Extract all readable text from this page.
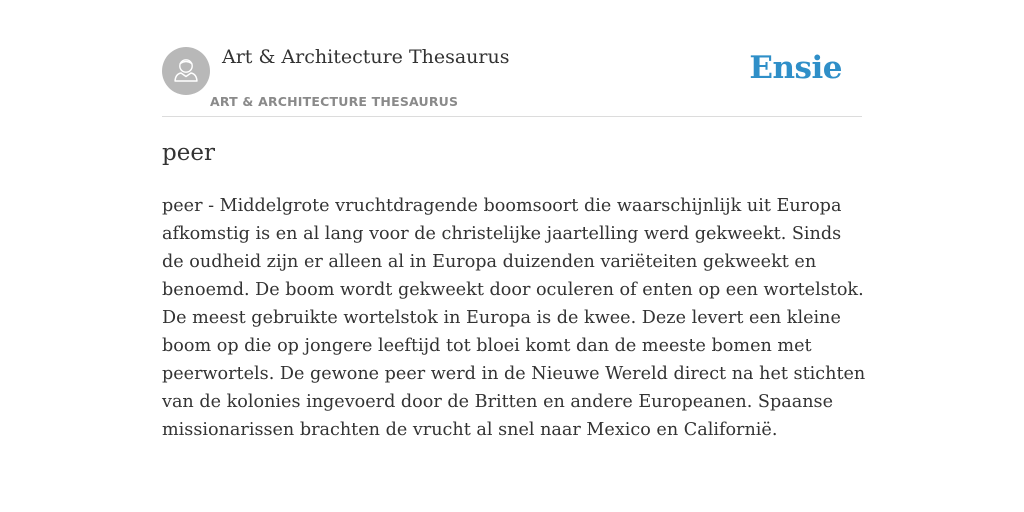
Art & Architecture Thesaurus
ART & ARCHITECTURE THESAURUS
Ensie
peer

peer - Middelgrote vruchtdragende boomsoort die waarschijnlijk uit Europa afkomstig is en al lang voor de christelijke jaartelling werd gekweekt. Sinds de oudheid zijn er alleen al in Europa duizenden variëteiten gekweekt en benoemd. De boom wordt gekweekt door oculeren of enten op een wortelstok. De meest gebruikte wortelstok in Europa is de kwee. Deze levert een kleine boom op die op jongere leeftijd tot bloei komt dan de meeste bomen met peerwortels. De gewone peer werd in de Nieuwe Wereld direct na het stichten van de kolonies ingevoerd door de Britten en andere Europeanen. Spaanse missionarissen brachten de vrucht al snel naar Mexico en Californië.
